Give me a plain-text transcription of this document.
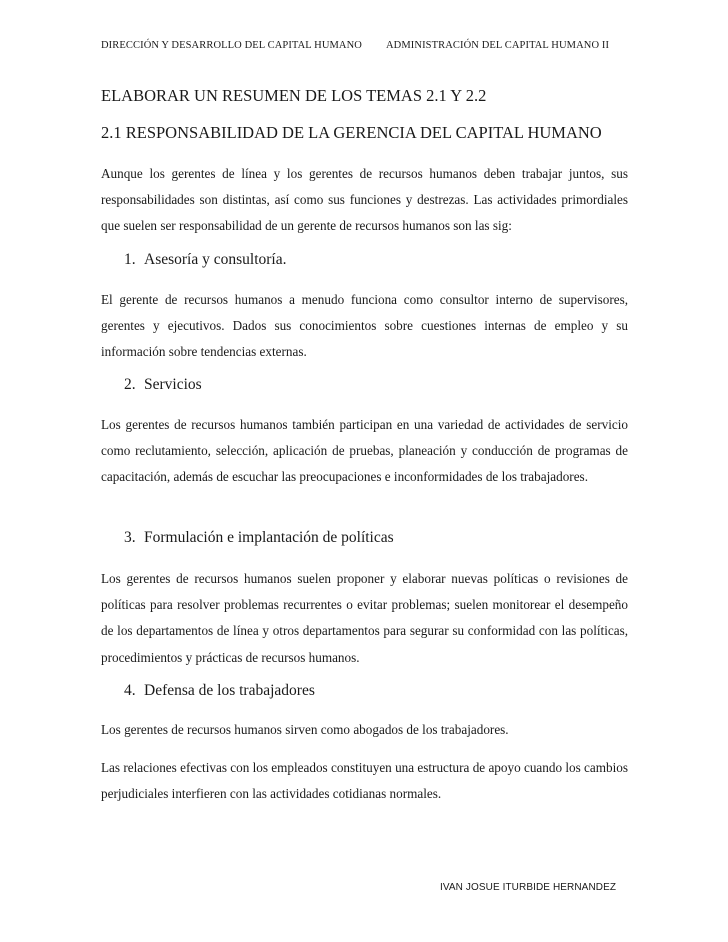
DIRECCIÓN Y DESARROLLO DEL CAPITAL HUMANO ADMINISTRACIÓN DEL CAPITAL HUMANO II
ELABORAR UN RESUMEN DE LOS TEMAS 2.1 Y 2.2
2.1 RESPONSABILIDAD DE LA GERENCIA DEL CAPITAL HUMANO
Aunque los gerentes de línea y los gerentes de recursos humanos deben trabajar juntos, sus responsabilidades son distintas, así como sus funciones y destrezas. Las actividades primordiales que suelen ser responsabilidad de un gerente de recursos humanos son las sig:
1. Asesoría y consultoría.
El gerente de recursos humanos a menudo funciona como consultor interno de supervisores, gerentes y ejecutivos. Dados sus conocimientos sobre cuestiones internas de empleo y su información sobre tendencias externas.
2. Servicios
Los gerentes de recursos humanos también participan en una variedad de actividades de servicio como reclutamiento, selección, aplicación de pruebas, planeación y conducción de programas de capacitación, además de escuchar las preocupaciones e inconformidades de los trabajadores.
3. Formulación e implantación de políticas
Los gerentes de recursos humanos suelen proponer y elaborar nuevas políticas o revisiones de políticas para resolver problemas recurrentes o evitar problemas; suelen monitorear el desempeño de los departamentos de línea y otros departamentos para segurar su conformidad con las políticas, procedimientos y prácticas de recursos humanos.
4. Defensa de los trabajadores
Los gerentes de recursos humanos sirven como abogados de los trabajadores.
Las relaciones efectivas con los empleados constituyen una estructura de apoyo cuando los cambios perjudiciales interfieren con las actividades cotidianas normales.
IVAN JOSUE ITURBIDE HERNANDEZ
